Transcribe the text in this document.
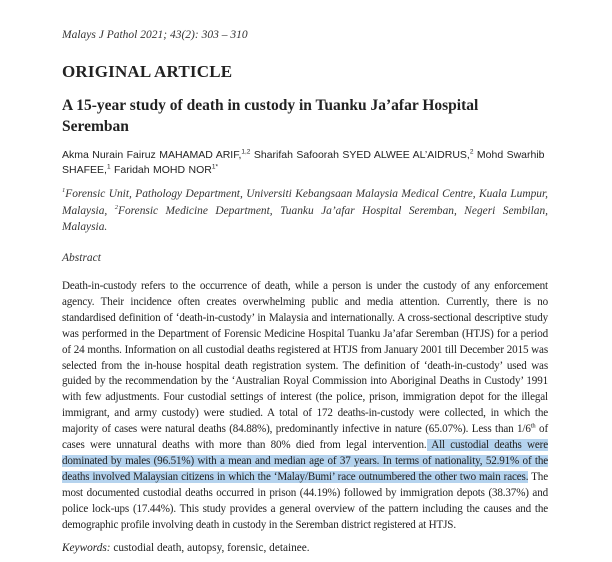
Malays J Pathol 2021; 43(2): 303 – 310
ORIGINAL ARTICLE
A 15-year study of death in custody in Tuanku Ja’afar Hospital Seremban
Akma Nurain Fairuz MAHAMAD ARIF,$^{1,2}$ Sharifah Safoorah SYED ALWEE AL’AIDRUS,$^2$ Mohd Swarhib SHAFEE,$^1$ Faridah MOHD $NOR^{1*}$
$^1$Forensic Unit, Pathology Department, Universiti Kebangsaan Malaysia Medical Centre, Kuala Lumpur, Malaysia, $^2$Forensic Medicine Department, Tuanku Ja’afar Hospital Seremban, Negeri Sembilan, Malaysia.
Abstract
Death-in-custody refers to the occurrence of death, while a person is under the custody of any enforcement agency. Their incidence often creates overwhelming public and media attention. Currently, there is no standardised definition of ‘death-in-custody’ in Malaysia and internationally. A cross-sectional descriptive study was performed in the Department of Forensic Medicine Hospital Tuanku Ja’afar Seremban (HTJS) for a period of 24 months. Information on all custodial deaths registered at HTJS from January 2001 till December 2015 was selected from the in-house hospital death registration system. The definition of ‘death-in-custody’ used was guided by the recommendation by the ‘Australian Royal Commission into Aboriginal Deaths in Custody’ 1991 with few adjustments. Four custodial settings of interest (the police, prison, immigration depot for the illegal immigrant, and army custody) were studied. A total of 172 deaths-in-custody were collected, in which the majority of cases were natural deaths (84.88%), predominantly infective in nature (65.07%). Less than 1/6th of cases were unnatural deaths with more than 80% died from legal intervention. All custodial deaths were dominated by males (96.51%) with a mean and median age of 37 years. In terms of nationality, 52.91% of the deaths involved Malaysian citizens in which the ‘Malay/Bumi’ race outnumbered the other two main races. The most documented custodial deaths occurred in prison (44.19%) followed by immigration depots (38.37%) and police lock-ups (17.44%). This study provides a general overview of the pattern including the causes and the demographic profile involving death in custody in the Seremban district registered at HTJS.
Keywords: custodial death, autopsy, forensic, detainee.
